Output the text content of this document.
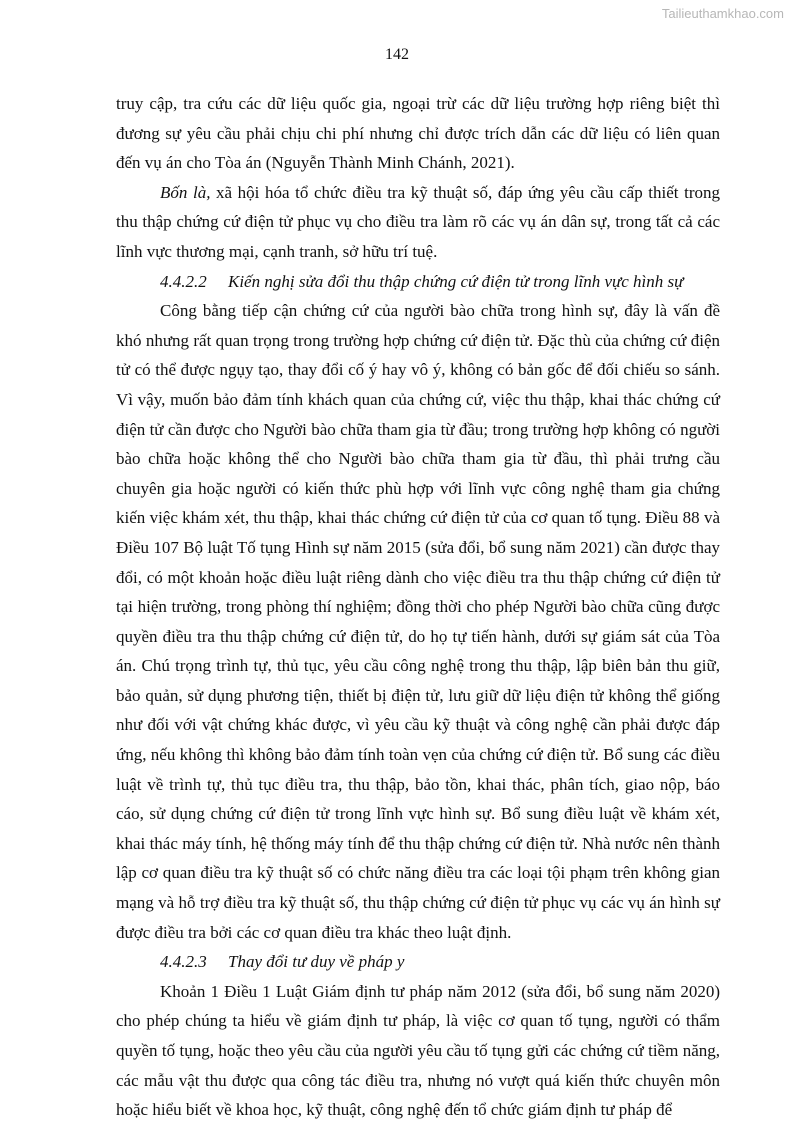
Tailieuthamkhao.com
142

truy cập, tra cứu các dữ liệu quốc gia, ngoại trừ các dữ liệu trường hợp riêng biệt thì đương sự yêu cầu phải chịu chi phí nhưng chỉ được trích dẫn các dữ liệu có liên quan đến vụ án cho Tòa án (Nguyễn Thành Minh Chánh, 2021).

Bốn là, xã hội hóa tổ chức điều tra kỹ thuật số, đáp ứng yêu cầu cấp thiết trong thu thập chứng cứ điện tử phục vụ cho điều tra làm rõ các vụ án dân sự, trong tất cả các lĩnh vực thương mại, cạnh tranh, sở hữu trí tuệ.

4.4.2.2 Kiến nghị sửa đổi thu thập chứng cứ điện tử trong lĩnh vực hình sự

Công bằng tiếp cận chứng cứ của người bào chữa trong hình sự, đây là vấn đề khó nhưng rất quan trọng trong trường hợp chứng cứ điện tử. Đặc thù của chứng cứ điện tử có thể được ngụy tạo, thay đổi cố ý hay vô ý, không có bản gốc để đối chiếu so sánh. Vì vậy, muốn bảo đảm tính khách quan của chứng cứ, việc thu thập, khai thác chứng cứ điện tử cần được cho Người bào chữa tham gia từ đầu; trong trường hợp không có người bào chữa hoặc không thể cho Người bào chữa tham gia từ đầu, thì phải trưng cầu chuyên gia hoặc người có kiến thức phù hợp với lĩnh vực công nghệ tham gia chứng kiến việc khám xét, thu thập, khai thác chứng cứ điện tử của cơ quan tố tụng. Điều 88 và Điều 107 Bộ luật Tố tụng Hình sự năm 2015 (sửa đổi, bổ sung năm 2021) cần được thay đổi, có một khoản hoặc điều luật riêng dành cho việc điều tra thu thập chứng cứ điện tử tại hiện trường, trong phòng thí nghiệm; đồng thời cho phép Người bào chữa cũng được quyền điều tra thu thập chứng cứ điện tử, do họ tự tiến hành, dưới sự giám sát của Tòa án. Chú trọng trình tự, thủ tục, yêu cầu công nghệ trong thu thập, lập biên bản thu giữ, bảo quản, sử dụng phương tiện, thiết bị điện tử, lưu giữ dữ liệu điện tử không thể giống như đối với vật chứng khác được, vì yêu cầu kỹ thuật và công nghệ cần phải được đáp ứng, nếu không thì không bảo đảm tính toàn vẹn của chứng cứ điện tử. Bổ sung các điều luật về trình tự, thủ tục điều tra, thu thập, bảo tồn, khai thác, phân tích, giao nộp, báo cáo, sử dụng chứng cứ điện tử trong lĩnh vực hình sự. Bổ sung điều luật về khám xét, khai thác máy tính, hệ thống máy tính để thu thập chứng cứ điện tử. Nhà nước nên thành lập cơ quan điều tra kỹ thuật số có chức năng điều tra các loại tội phạm trên không gian mạng và hỗ trợ điều tra kỹ thuật số, thu thập chứng cứ điện tử phục vụ các vụ án hình sự được điều tra bởi các cơ quan điều tra khác theo luật định.

4.4.2.3 Thay đổi tư duy về pháp y

Khoản 1 Điều 1 Luật Giám định tư pháp năm 2012 (sửa đổi, bổ sung năm 2020) cho phép chúng ta hiểu về giám định tư pháp, là việc cơ quan tố tụng, người có thẩm quyền tố tụng, hoặc theo yêu cầu của người yêu cầu tố tụng gửi các chứng cứ tiềm năng, các mẫu vật thu được qua công tác điều tra, nhưng nó vượt quá kiến thức chuyên môn hoặc hiểu biết về khoa học, kỹ thuật, công nghệ đến tổ chức giám định tư pháp để
